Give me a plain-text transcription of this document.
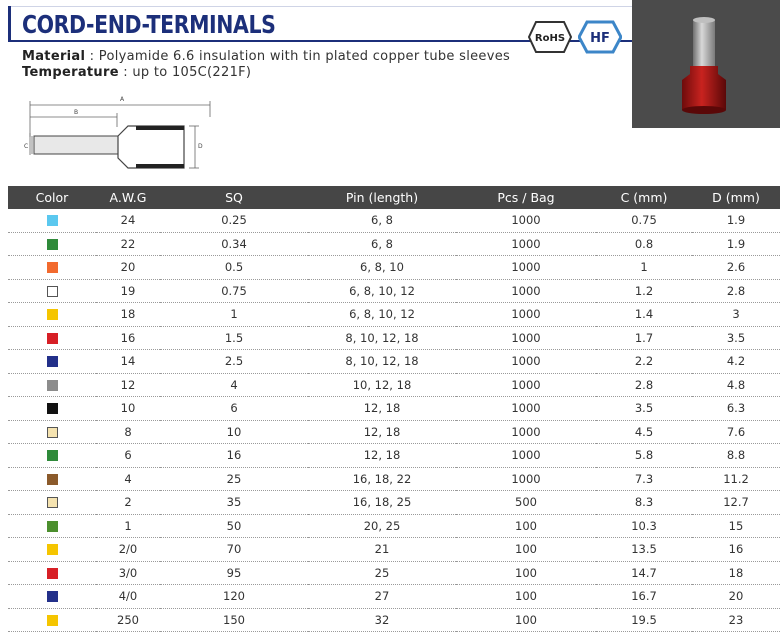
CORD-END-TERMINALS
Material : Polyamide 6.6 insulation with tin plated copper tube sleeves
Temperature : up to 105C(221F)
RoHS HF
A
B
C	D
Color	A.W.G	SQ	Pin (length)	Pcs / Bag	C (mm)	D (mm)
	24	0.25	6, 8	1000	0.75	1.9
	22	0.34	6, 8	1000	0.8	1.9
	20	0.5	6, 8, 10	1000	1	2.6
	19	0.75	6, 8, 10, 12	1000	1.2	2.8
	18	1	6, 8, 10, 12	1000	1.4	3
	16	1.5	8, 10, 12, 18	1000	1.7	3.5
	14	2.5	8, 10, 12, 18	1000	2.2	4.2
	12	4	10, 12, 18	1000	2.8	4.8
	10	6	12, 18	1000	3.5	6.3
	8	10	12, 18	1000	4.5	7.6
	6	16	12, 18	1000	5.8	8.8
	4	25	16, 18, 22	1000	7.3	11.2
	2	35	16, 18, 25	500	8.3	12.7
	1	50	20, 25	100	10.3	15
	2/0	70	21	100	13.5	16
	3/0	95	25	100	14.7	18
	4/0	120	27	100	16.7	20
	250	150	32	100	19.5	23
